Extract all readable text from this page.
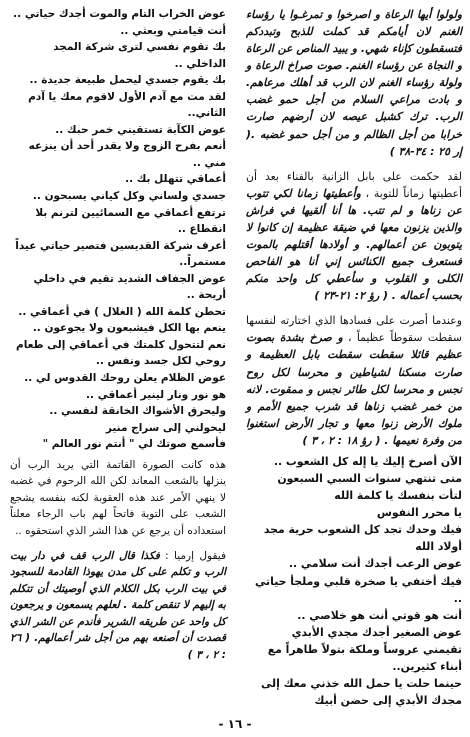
ولولوا أيها الرعاة و اصرخوا و تمرغـوا يا رؤساء الغنم لان أيامكم قد كملت للذبح وتبددكم فتسقطون كإناء شهي. و يبيد المناص عن الرعاة و النجاة عن رؤساء الغنم. صوت صراخ الرعاة و ولولة رؤساء الغنم لان الرب قد أهلك مرعاهم. و بادت مراعي السلام من أجل حمو غضب الرب. ترك كشبل عيصه لان أرضهم صارت خرابا من أجل الظالم و من أجل حمو غضبه .( إر ٢٥ : ٣٤-٣٨ )

لقد حكمت على بابل الزانية بالفناء بعد أن أعطيتها زماناً للتوبة ، وأعطيتها زمانا لكي تتوب عن زناها و لم تتب. ها أنا ألقيها في فراش والذين يزنون معها في ضيقة عظيمة إن كانوا لا يتوبون عن أعمالهم. و أولادها أقتلهم بالموت فستعرف جميع الكنائس إني أنا هو الفاحص الكلى و القلوب و سأعطي كل واحد منكم بحسب أعماله . ( رؤ ٢: ٢١-٢٣ )

وعندما أصرت على فسادها الذي اختارته لنفسها سقطت سقوطاً عظيماً ، و صرخ بشدة بصوت عظيم قائلا سقطت سقطت بابل العظيمة و صارت مسكنا لشياطين و محرسا لكل روح نجس و محرسا لكل طائر نجس و ممقوت. لانه من خمر غضب زناها قد شرب جميع الأمم و ملوك الأرض زنوا معها و تجار الأرض استغنوا من وفرة نعيمها . ( رؤ ١٨ : ٢ ، ٣ )

الآن أصرخ إليك يا إله كل الشعوب ..
متى تنتهي سنوات السبي السبعون
لتأت بنفسك يا كلمة الله
يا محرر النفوس
فيك وحدك تجد كل الشعوب حرية مجد أولاد الله
عوض الرعب أجدك أنت سلامي ..
فيك أختفي يا صخرة قلبي وملجأ حياتي ..
أنت هو قوتي أنت هو خلاصي ..
عوض الصغير أجدك مجدي الأبدي
تقيمني عروساً وملكة بتولاً طاهراً مع أبناء كثيرين..
حينما حلت يا حمل الله خذني معك إلى مجدك الأبدي إلى حضن أبيك
عوض الخراب التام والموت أجدك حياتي ..
أنت قيامتي وبعثي ..
بك تقوم نفسي لترى شركة المجد الداخلي ..
بك يقوم جسدي ليحمل طبيعة جديدة ..
لقد مت مع آدم الأول لاقوم معك يا آدم الثاني..
عوض الكآبة تستقيني خمر حبك ..
أنعم بفرح الزوج ولا يقدر أحد أن ينزعه مني ..
أعماقي تتهلل بك ..
جسدي ولساني وكل كياني يسبحون ..
ترتفع أعماقي مع السمائيين لترنم بلا انقطاع ..
أعرف شركة القديسين فتصير حياتي عيداً مستمراً..
عوض الجفاف الشديد تقيم في داخلي أريحة ..
تحطن كلمة الله ( الغلال ) في أعماقي ..
ينعم بها الكل فيشبعون ولا يجوعون ..
نعم لتتحول كلمتك في أعماقي إلى طعام روحي لكل جسد ونفس ..
عوض الظلام يعلن روحك القدوس لي ..
هو نور ونار لينير أعماقي ..
وليحرق الأشواك الخانقة لنفسي ..
ليحولني إلى سراج منير
فأسمع صوتك لي " أنتم نور العالم "

هذه كانت الصورة القاتمة التي يريد الرب أن ينزلها بالشعب المعاند لكن الله الرحوم في غضبه لا ينهي الأمر عند هذه العقوبة لكنه بنفسه يشجع الشعب على التوبة فاتحاً لهم باب الرجاء معلناً استعداده أن يرجع عن هذا الشر الذي استحقوه ..

فيقول إرميا : فكذا قال الرب قف في دار بيت الرب و تكلم على كل مدن يهوذا القادمة للسجود في بيت الرب بكل الكلام الذي أوصيتك أن تتكلم به إليهم لا تنقص كلمة . لعلهم يسمعون و يرجعون كل واحد عن طريقه الشرير فأندم عن الشر الذي قصدت أن أصنعه بهم من أجل شر أعمالهم. ( ٢٦ : ٢ ، ٣ )

- ١٦ -
